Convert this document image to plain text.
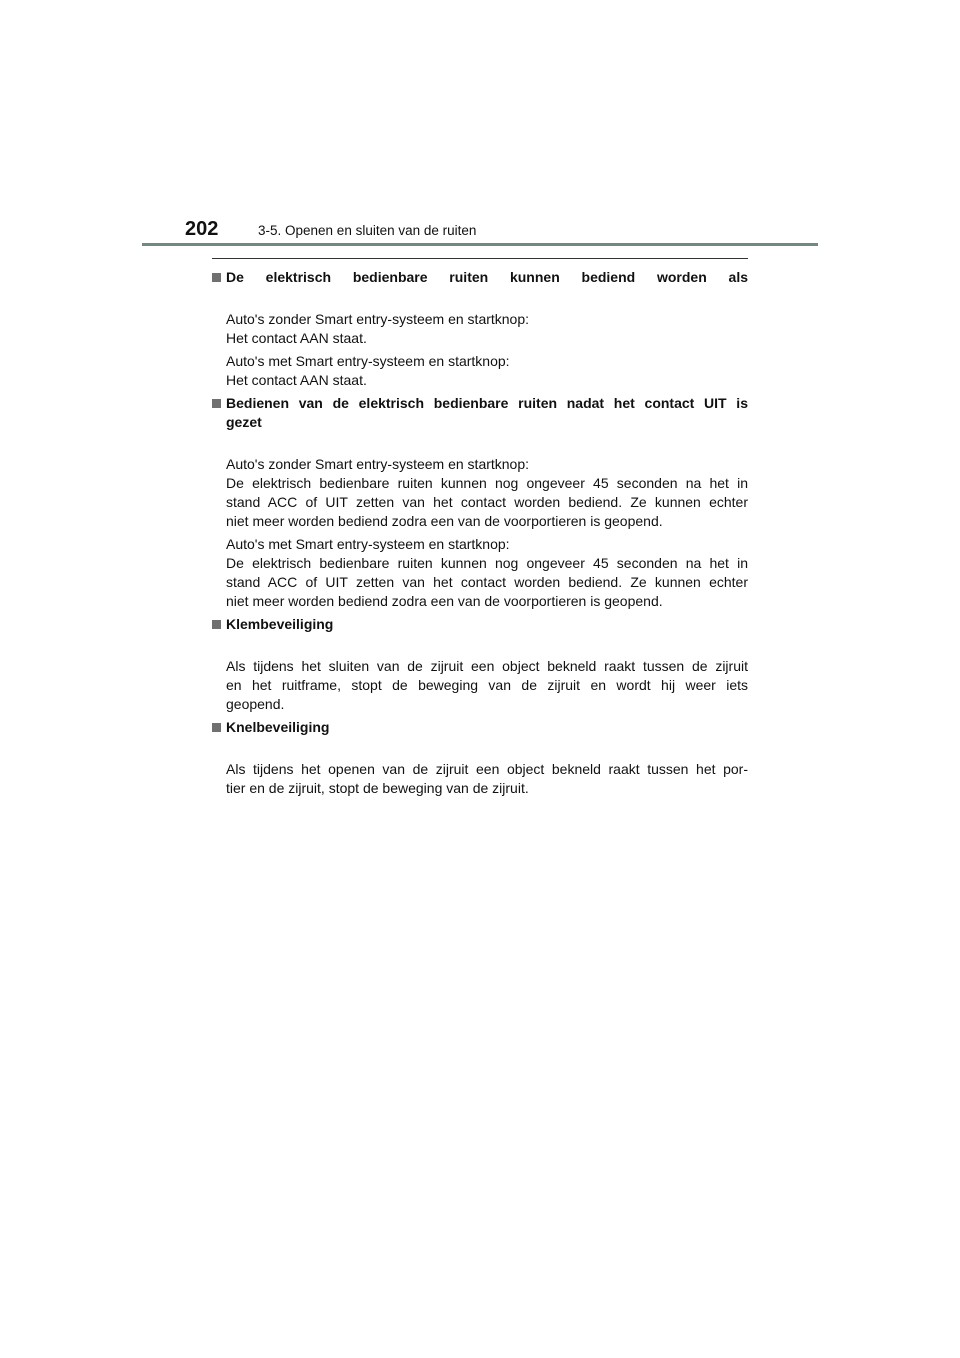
202	3-5. Openen en sluiten van de ruiten
De elektrisch bedienbare ruiten kunnen bediend worden als
Auto's zonder Smart entry-systeem en startknop:
Het contact AAN staat.
Auto's met Smart entry-systeem en startknop:
Het contact AAN staat.
Bedienen van de elektrisch bedienbare ruiten nadat het contact UIT is
gezet
Auto's zonder Smart entry-systeem en startknop:
De elektrisch bedienbare ruiten kunnen nog ongeveer 45 seconden na het in
stand ACC of UIT zetten van het contact worden bediend. Ze kunnen echter
niet meer worden bediend zodra een van de voorportieren is geopend.
Auto's met Smart entry-systeem en startknop:
De elektrisch bedienbare ruiten kunnen nog ongeveer 45 seconden na het in
stand ACC of UIT zetten van het contact worden bediend. Ze kunnen echter
niet meer worden bediend zodra een van de voorportieren is geopend.
Klembeveiliging
Als tijdens het sluiten van de zijruit een object bekneld raakt tussen de zijruit
en het ruitframe, stopt de beweging van de zijruit en wordt hij weer iets
geopend.
Knelbeveiliging
Als tijdens het openen van de zijruit een object bekneld raakt tussen het por-
tier en de zijruit, stopt de beweging van de zijruit.
